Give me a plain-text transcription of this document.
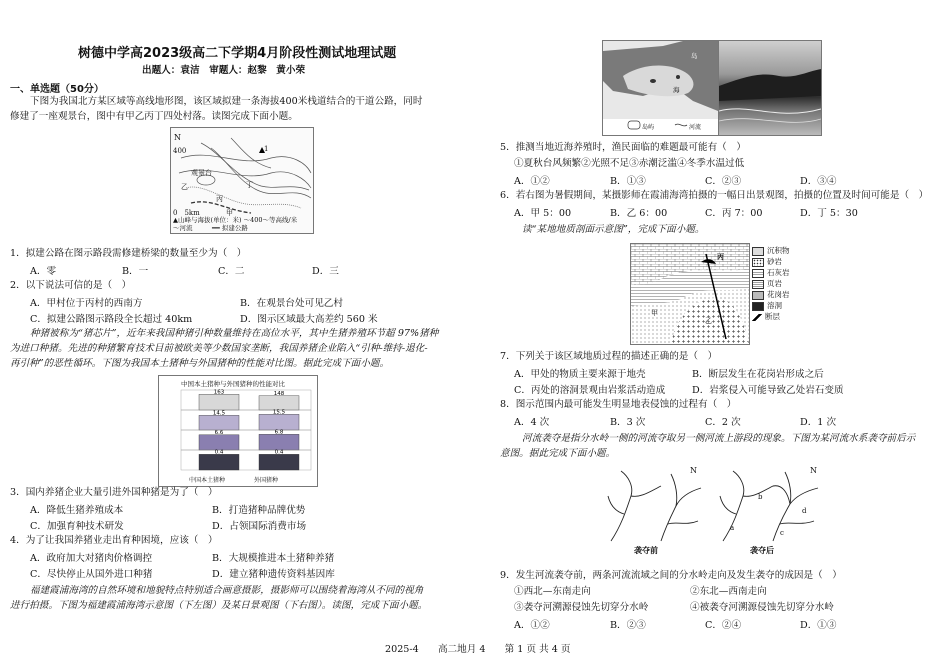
树德中学高2023级高二下学期4月阶段性测试地理试题
出题人：袁洁　审题人：赵黎　黄小荣
一、单选题（50分）
下图为我国北方某区域等高线地形图，该区域拟建一条海拔400米栈道结合的干道公路，同时
修建了一座观景台，图中有甲乙丙丁四处村落。读图完成下面小题。
N
400	1
观景台
乙
丙
丁
甲
0　5km
▲山峰与海拔(单位：米) ～400～等高线/米
～河流　　　━━ 拟建公路
1．拟建公路在图示路段需修建桥梁的数量至少为（　）
A．零	B．一	C．二	D．三
2．以下说法可信的是（　）
A．甲村位于丙村的西南方	B．在观景台处可见乙村
C．拟建公路图示路段全长超过 40km	D．图示区域最大高差约 560 米
种猪被称为“猪芯片”，近年来我国种猪引种数量维持在高位水平，其中生猪养殖环节超 97%猪种
为进口种猪。先进的种猪繁育技术目前被欧美等少数国家垄断，我国养猪企业陷入“引种-维持-退化-
再引种”的恶性循环。下图为我国本土猪种与外国猪种的性能对比图。据此完成下面小题。
中国本土猪种与外国猪种的性能对比
163	148
14.5	15.5
6.6	6.8
0.4	0.4
中国本土猪种	外国猪种
3．国内养猪企业大量引进外国种猪是为了（　）
A．降低生猪养殖成本	B．打造猪种品牌优势
C．加强育种技术研发	D．占领国际消费市场
4．为了让我国养猪业走出育种困境，应该（　）
A．政府加大对猪肉价格调控	B．大规模推进本土猪种养猪
C．尽快停止从国外进口种猪	D．建立猪种遗传资料基因库
福建霞浦海湾的自然环境和地貌特点特别适合画意摄影，摄影师可以围绕着海湾从不同的视角
进行拍摄。下图为福建霞浦海湾示意图（下左图）及某日景观图（下右图）。读图，完成下面小题。
海
岛
岛屿	河流
5．推测当地近海养殖时，渔民面临的难题最可能有（　）
①夏秋台风频繁②光照不足③赤潮泛滥④冬季水温过低
A．①②	B．①③	C．②③	D．③④
6．若右图为暑假期间，某摄影师在霞浦海湾拍摄的一幅日出景观图，拍摄的位置及时间可能是（　）
A．甲 5：00	B．乙 6：00	C．丙 7：00	D．丁 5：30
读“某地地质剖面示意图”，完成下面小题。
丙
甲
乙
沉积物
砂岩
石灰岩
页岩
花岗岩
溶洞
断层
7．下列关于该区域地质过程的描述正确的是（　）
A．甲处的物质主要来源于地壳	B．断层发生在花岗岩形成之后
C．丙处的溶洞景观由岩浆活动造成	D．岩浆侵入可能导致乙处岩石变质
8．图示范围内最可能发生明显地表侵蚀的过程有（　）
A．4 次	B．3 次	C．2 次	D．1 次
河流袭夺是指分水岭一侧的河流夺取另一侧河流上游段的现象。下图为某河流水系袭夺前后示
意图。据此完成下面小题。
N
袭夺前
N
b
d
a
c
袭夺后
9．发生河流袭夺前，两条河流流域之间的分水岭走向及发生袭夺的成因是（　）
①西北—东南走向	②东北—西南走向
③袭夺河溯源侵蚀先切穿分水岭	④被袭夺河溯源侵蚀先切穿分水岭
A．①②	B．②③	C．②④	D．①③
2025-4　　高二地月 4　　第 1 页 共 4 页
